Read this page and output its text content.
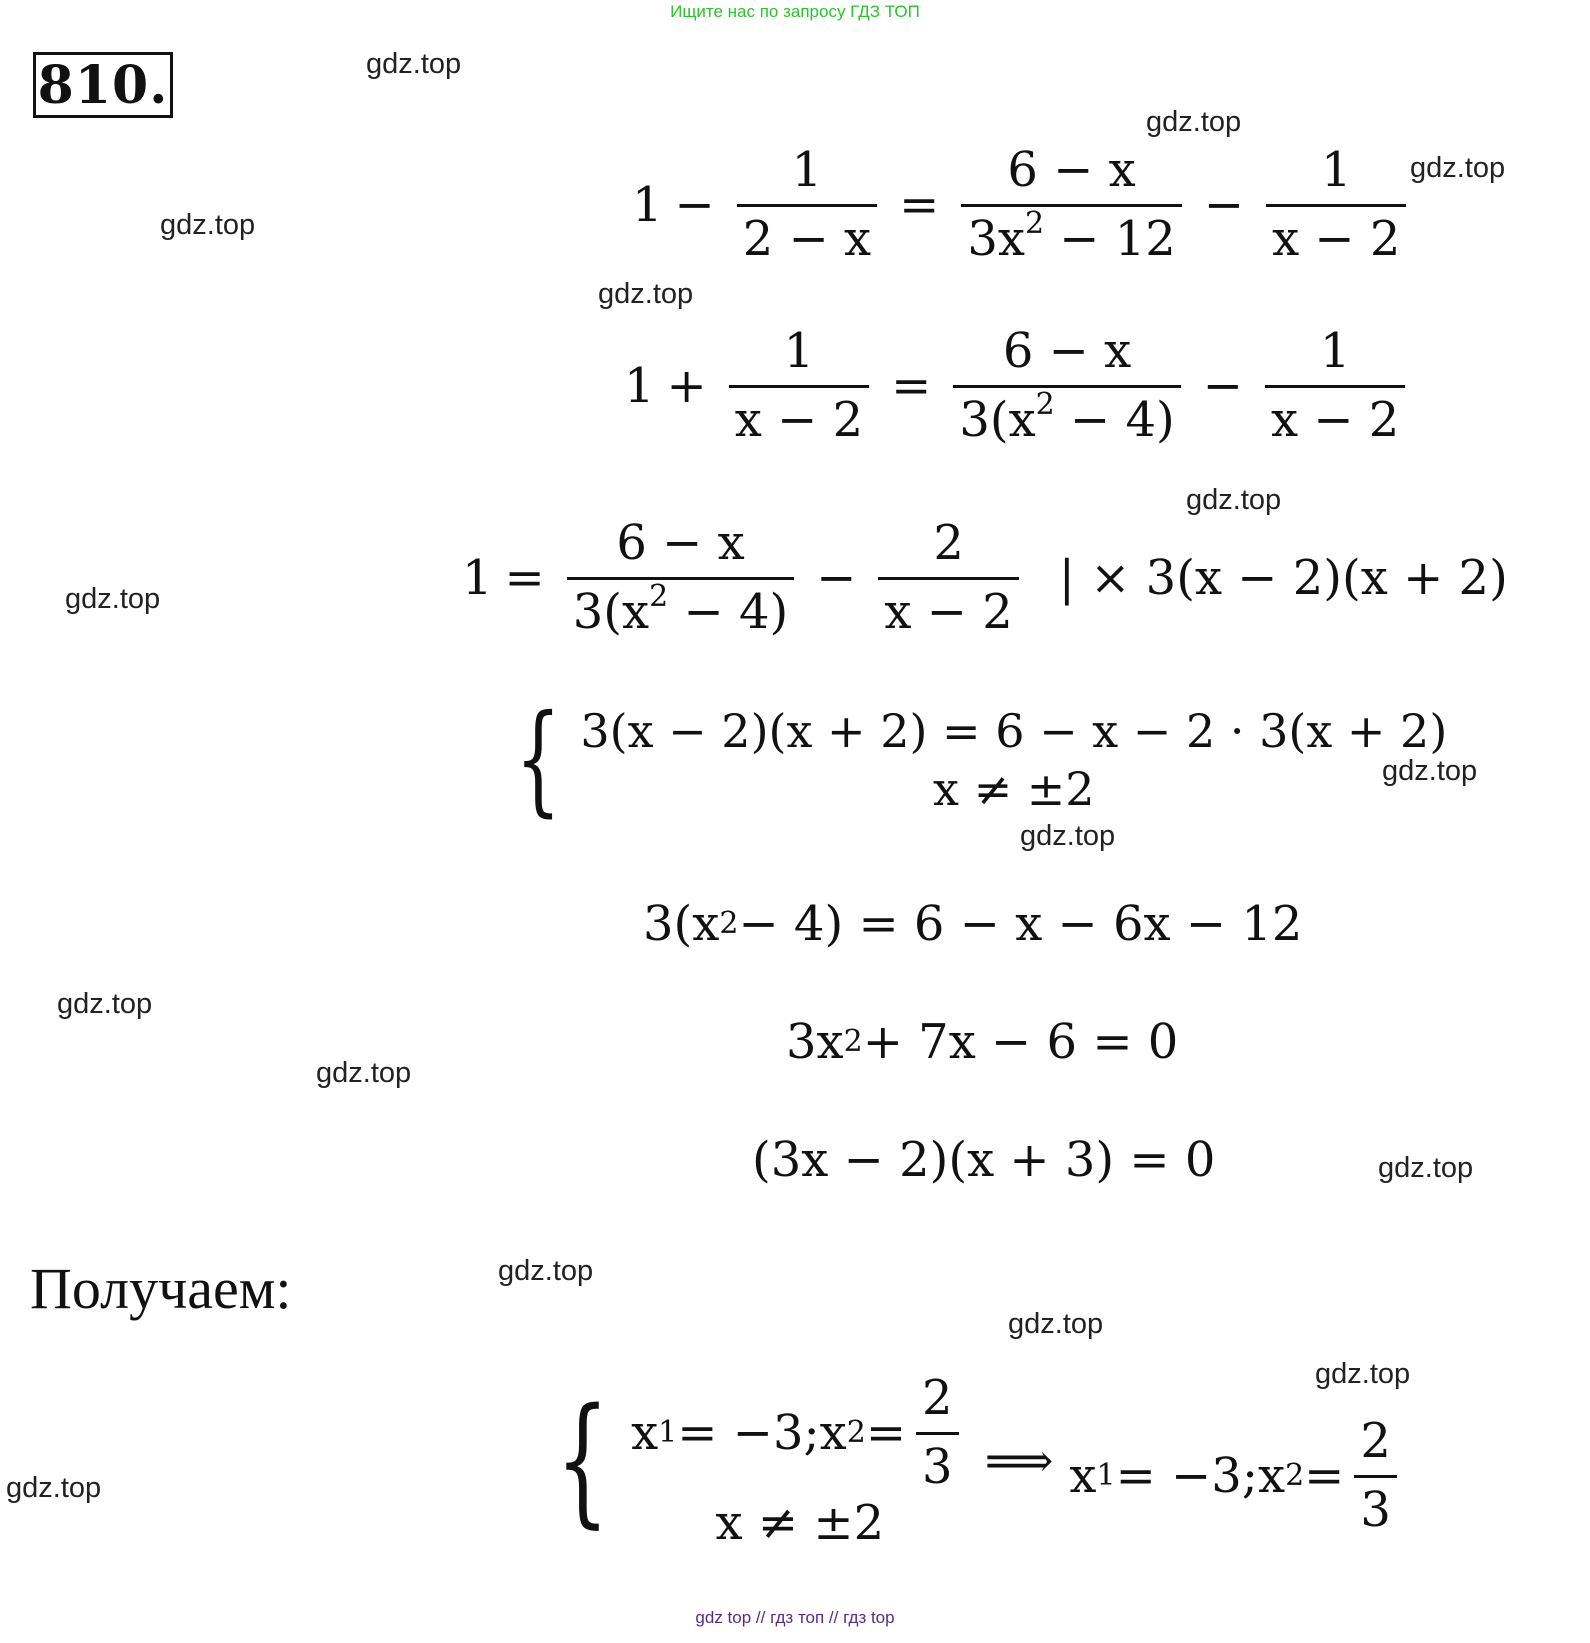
Ищите нас по запросу ГДЗ ТОП
810.	gdz.top
gdz.top
gdz.top
gdz.top
gdz.top
gdz.top
gdz.top
gdz.top
gdz.top
gdz.top
gdz.top
gdz.top
gdz.top
gdz.top
gdz.top
gdz.top
$1 - \frac{1}{2 - x} = \frac{6 - x}{3x^2 - 12} - \frac{1}{x - 2}$
$1 + \frac{1}{x - 2} = \frac{6 - x}{3(x^2 - 4)} - \frac{1}{x - 2}$
$1 = \frac{6 - x}{3(x^2 - 4)} - \frac{2}{x - 2}$ | × 3(x − 2)(x + 2)
{ 3(x − 2)(x + 2) = 6 − x − 2 · 3(x + 2)
x ≠ ±2
3(x 2 − 4) = 6 − x − 6x − 12
3x 2 + 7x − 6 = 0
(3x − 2)(x + 3) = 0
Получаем:
{ x 1 = −3; x $2 = \frac{2}{3}$
x ≠ ±2
⟹ x 1 = −3; x $2 = \frac{2}{3}$
gdz top // гдз топ // гдз top
